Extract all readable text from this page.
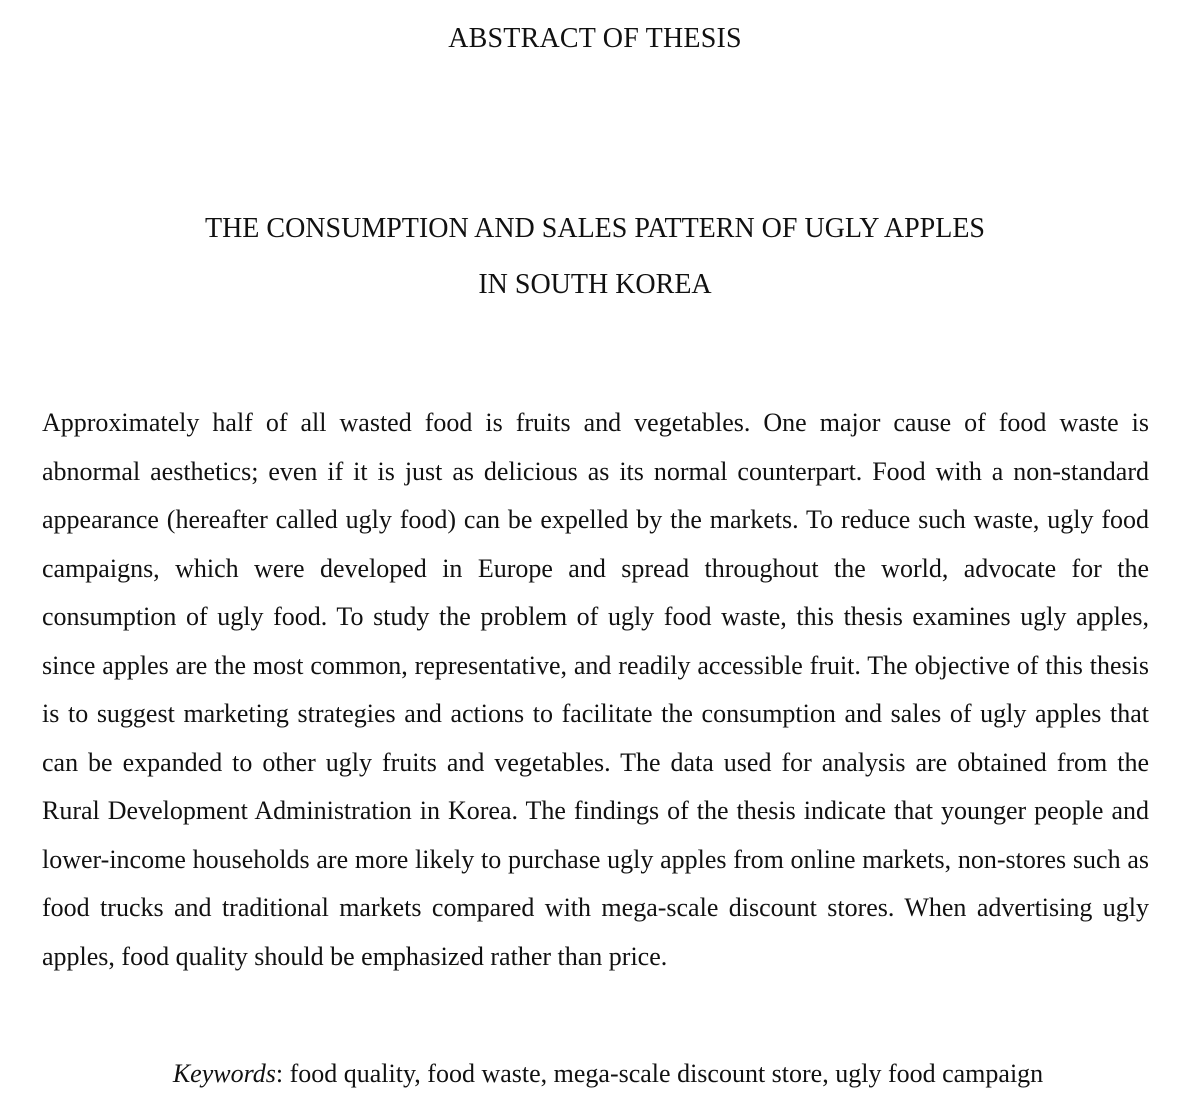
ABSTRACT OF THESIS
THE CONSUMPTION AND SALES PATTERN OF UGLY APPLES
IN SOUTH KOREA

Approximately half of all wasted food is fruits and vegetables. One major cause of food waste is abnormal aesthetics; even if it is just as delicious as its normal counterpart. Food with a non-standard appearance (hereafter called ugly food) can be expelled by the markets. To reduce such waste, ugly food campaigns, which were developed in Europe and spread throughout the world, advocate for the consumption of ugly food. To study the problem of ugly food waste, this thesis examines ugly apples, since apples are the most common, representative, and readily accessible fruit. The objective of this thesis is to suggest marketing strategies and actions to facilitate the consumption and sales of ugly apples that can be expanded to other ugly fruits and vegetables. The data used for analysis are obtained from the Rural Development Administration in Korea. The findings of the thesis indicate that younger people and lower-income households are more likely to purchase ugly apples from online markets, non-stores such as food trucks and traditional markets compared with mega-scale discount stores. When advertising ugly apples, food quality should be emphasized rather than price.

Keywords: food quality, food waste, mega-scale discount store, ugly food campaign
